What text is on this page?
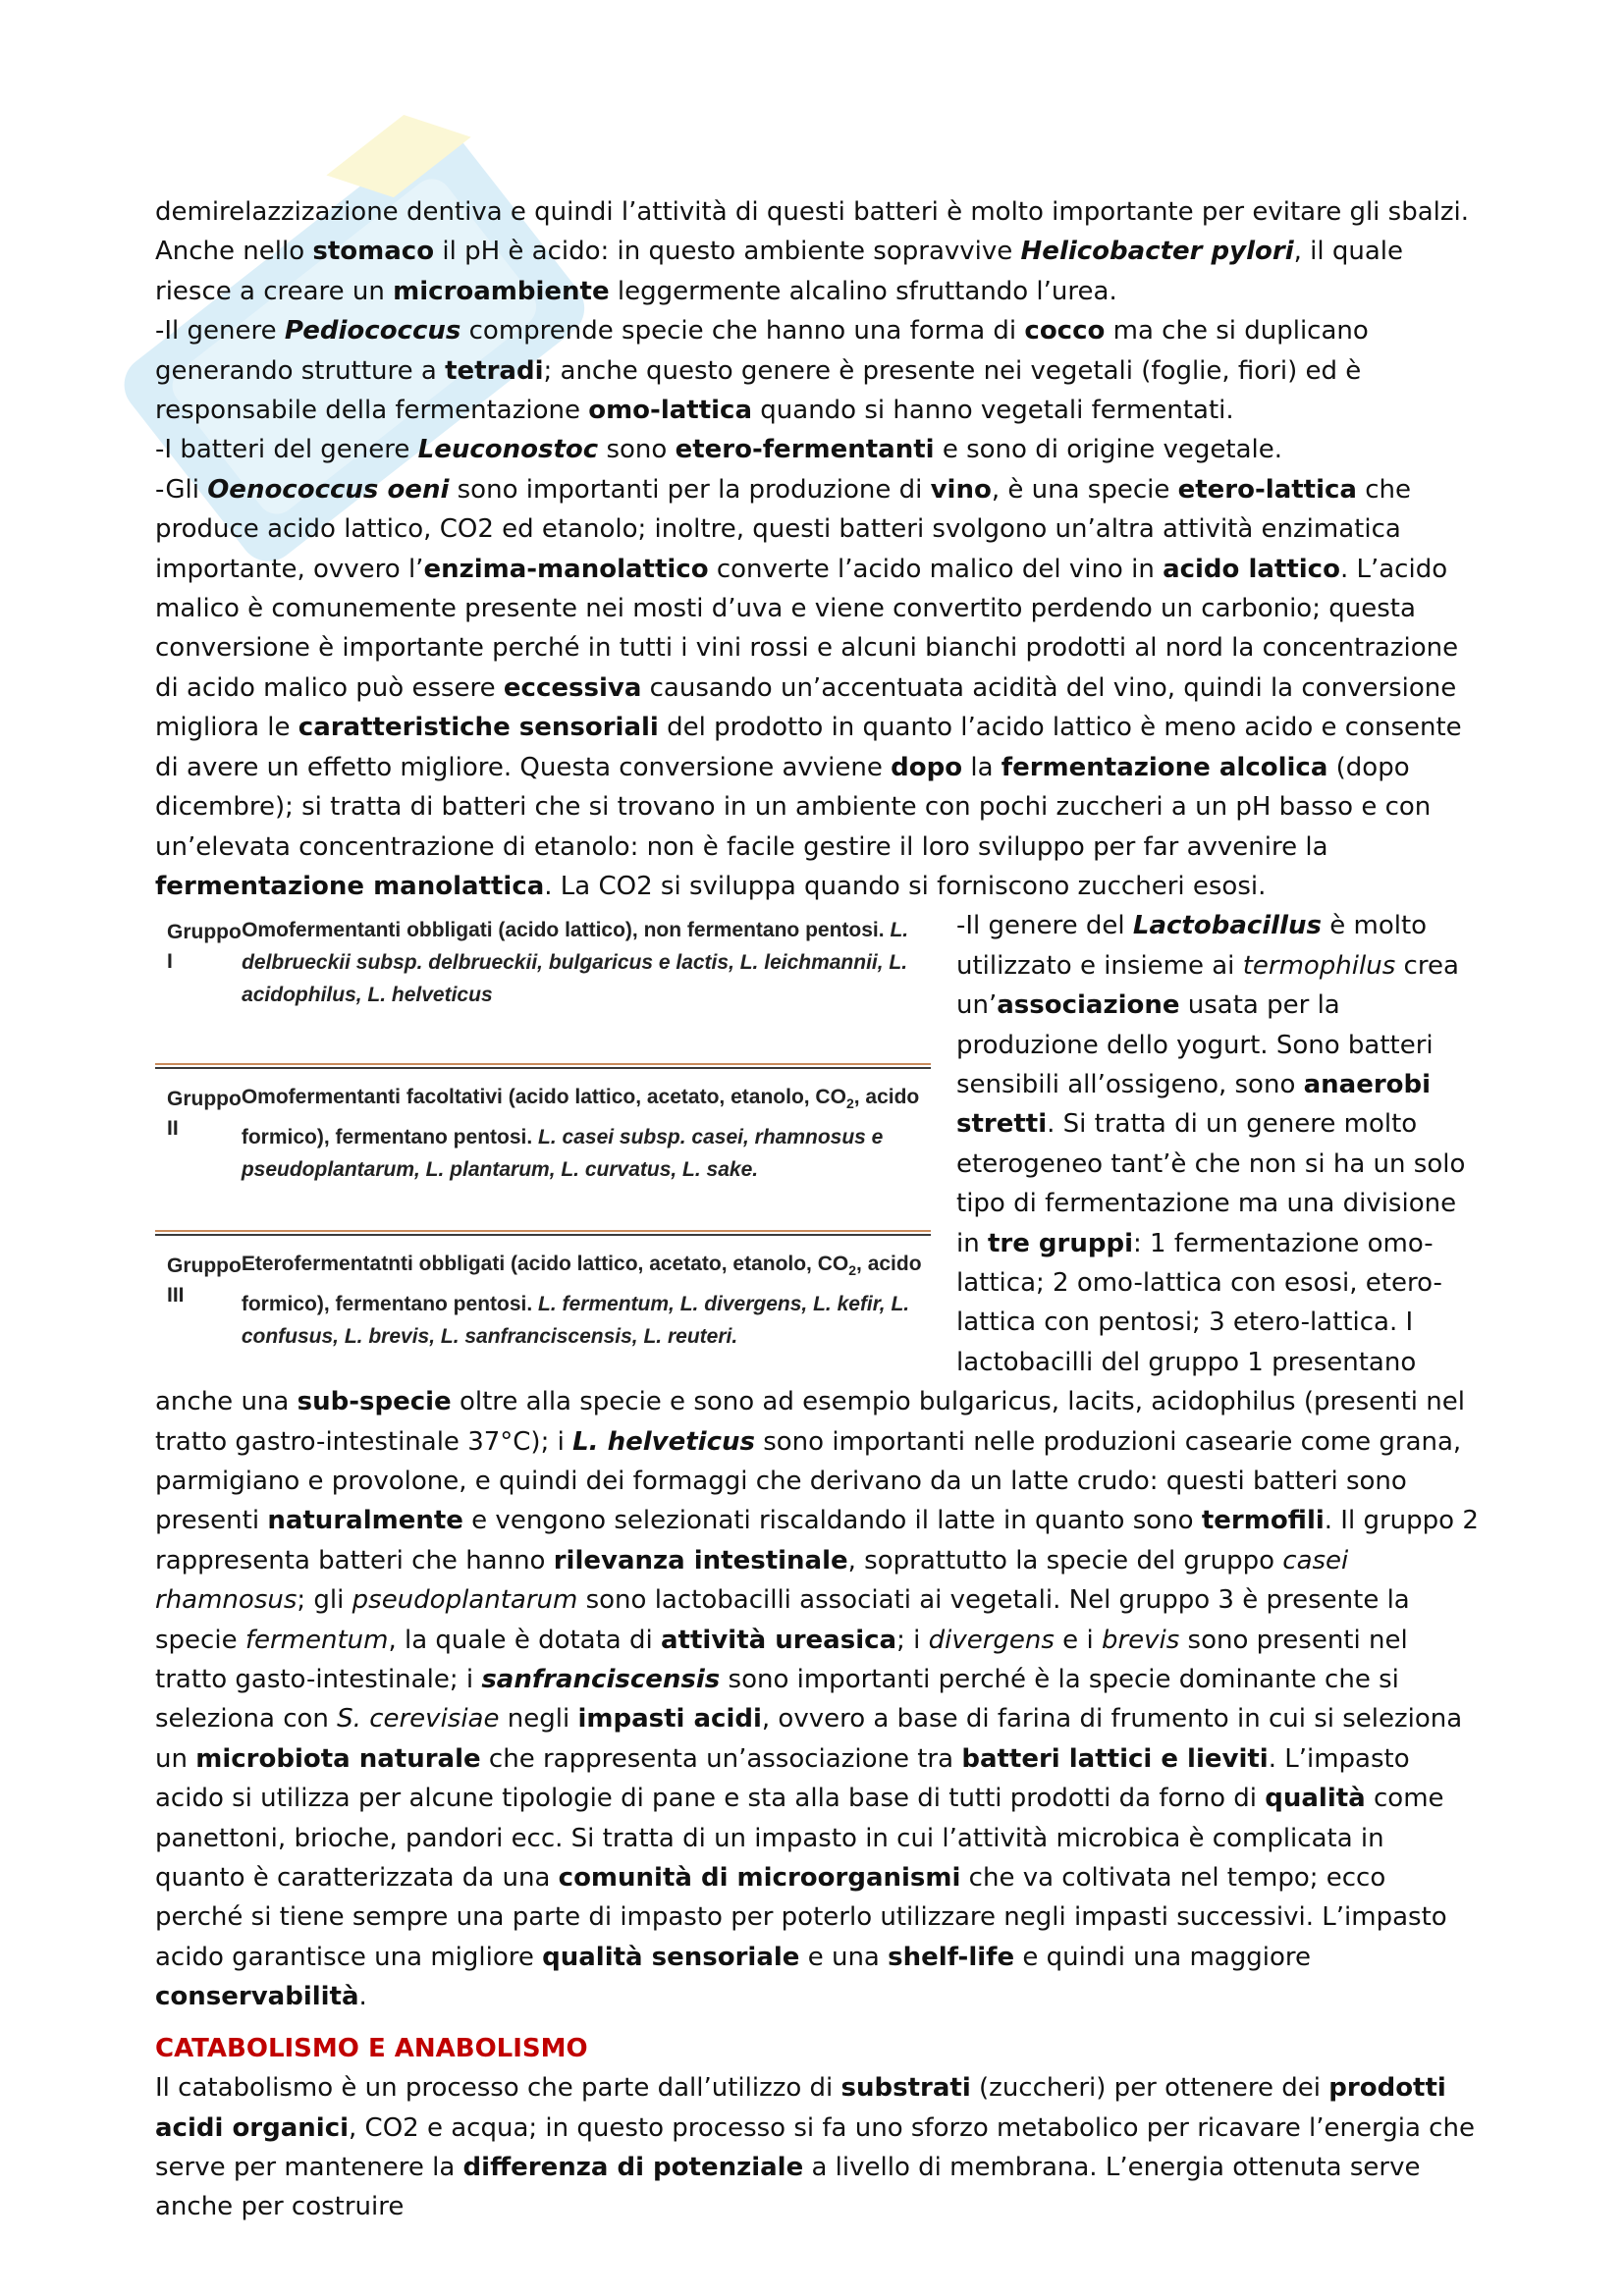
demirelazzizazione dentiva e quindi l’attività di questi batteri è molto importante per evitare gli sbalzi. Anche nello stomaco il pH è acido: in questo ambiente sopravvive Helicobacter pylori, il quale riesce a creare un microambiente leggermente alcalino sfruttando l’urea.

-Il genere Pediococcus comprende specie che hanno una forma di cocco ma che si duplicano generando strutture a tetradi; anche questo genere è presente nei vegetali (foglie, fiori) ed è responsabile della fermentazione omo-lattica quando si hanno vegetali fermentati.

-I batteri del genere Leuconostoc sono etero-fermentanti e sono di origine vegetale.

-Gli Oenococcus oeni sono importanti per la produzione di vino, è una specie etero-lattica che produce acido lattico, CO2 ed etanolo; inoltre, questi batteri svolgono un’altra attività enzimatica importante, ovvero l’enzima-manolattico converte l’acido malico del vino in acido lattico. L’acido malico è comunemente presente nei mosti d’uva e viene convertito perdendo un carbonio; questa conversione è importante perché in tutti i vini rossi e alcuni bianchi prodotti al nord la concentrazione di acido malico può essere eccessiva causando un’accentuata acidità del vino, quindi la conversione migliora le caratteristiche sensoriali del prodotto in quanto l’acido lattico è meno acido e consente di avere un effetto migliore. Questa conversione avviene dopo la fermentazione alcolica (dopo dicembre); si tratta di batteri che si trovano in un ambiente con pochi zuccheri a un pH basso e con un’elevata concentrazione di etanolo: non è facile gestire il loro sviluppo per far avvenire la fermentazione manolattica. La CO2 si sviluppa quando si forniscono zuccheri esosi.

Gruppo I
Omofermentanti obbligati (acido lattico), non fermentano pentosi. L. delbrueckii subsp. delbrueckii, bulgaricus e lactis, L. leichmannii, L. acidophilus, L. helveticus
Gruppo II
Omofermentanti facoltativi (acido lattico, acetato, etanolo, $CO_2$, acido formico), fermentano pentosi. L. casei subsp. casei, rhamnosus e pseudoplantarum, L. plantarum, L. curvatus, L. sake.
Gruppo III
Eterofermentatnti obbligati (acido lattico, acetato, etanolo, $CO_2$, acido formico), fermentano pentosi. L. fermentum, L. divergens, L. kefir, L. confusus, L. brevis, L. sanfranciscensis, L. reuteri.

-Il genere del Lactobacillus è molto utilizzato e insieme ai termophilus crea un’associazione usata per la produzione dello yogurt. Sono batteri sensibili all’ossigeno, sono anaerobi stretti. Si tratta di un genere molto eterogeneo tant’è che non si ha un solo tipo di fermentazione ma una divisione in tre gruppi: 1 fermentazione omo-lattica; 2 omo-lattica con esosi, etero-lattica con pentosi; 3 etero-lattica. I lactobacilli del gruppo 1 presentano anche una sub-specie oltre alla specie e sono ad esempio bulgaricus, lacits, acidophilus (presenti nel tratto gastro-intestinale 37°C); i L. helveticus sono importanti nelle produzioni casearie come grana, parmigiano e provolone, e quindi dei formaggi che derivano da un latte crudo: questi batteri sono presenti naturalmente e vengono selezionati riscaldando il latte in quanto sono termofili. Il gruppo 2 rappresenta batteri che hanno rilevanza intestinale, soprattutto la specie del gruppo casei rhamnosus; gli pseudoplantarum sono lactobacilli associati ai vegetali. Nel gruppo 3 è presente la specie fermentum, la quale è dotata di attività ureasica; i divergens e i brevis sono presenti nel tratto gasto-intestinale; i sanfranciscensis sono importanti perché è la specie dominante che si seleziona con S. cerevisiae negli impasti acidi, ovvero a base di farina di frumento in cui si seleziona un microbiota naturale che rappresenta un’associazione tra batteri lattici e lieviti. L’impasto acido si utilizza per alcune tipologie di pane e sta alla base di tutti prodotti da forno di qualità come panettoni, brioche, pandori ecc. Si tratta di un impasto in cui l’attività microbica è complicata in quanto è caratterizzata da una comunità di microorganismi che va coltivata nel tempo; ecco perché si tiene sempre una parte di impasto per poterlo utilizzare negli impasti successivi. L’impasto acido garantisce una migliore qualità sensoriale e una shelf-life e quindi una maggiore conservabilità.

CATABOLISMO E ANABOLISMO

Il catabolismo è un processo che parte dall’utilizzo di substrati (zuccheri) per ottenere dei prodotti acidi organici, CO2 e acqua; in questo processo si fa uno sforzo metabolico per ricavare l’energia che serve per mantenere la differenza di potenziale a livello di membrana. L’energia ottenuta serve anche per costruire
